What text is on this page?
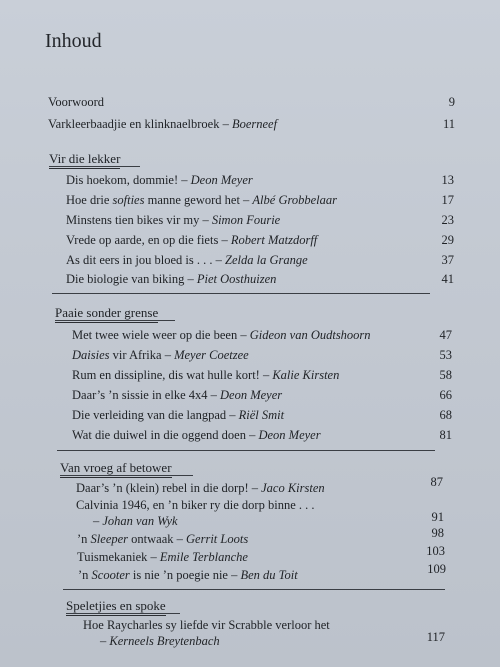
Inhoud
Voorwoord	9
Varkleerbaadjie en klinknaelbroek – Boerneef	11
Vir die lekker
Dis hoekom, dommie! – Deon Meyer	13
Hoe drie softies manne geword het – Albé Grobbelaar	17
Minstens tien bikes vir my – Simon Fourie	23
Vrede op aarde, en op die fiets – Robert Matzdorff	29
As dit eers in jou bloed is . . . – Zelda la Grange	37
Die biologie van biking – Piet Oosthuizen	41
Paaie sonder grense
Met twee wiele weer op die been – Gideon van Oudtshoorn	47
Daisies vir Afrika – Meyer Coetzee	53
Rum en dissipline, dis wat hulle kort! – Kalie Kirsten	58
Daar’s ’n sissie in elke 4x4 – Deon Meyer	66
Die verleiding van die langpad – Riël Smit	68
Wat die duiwel in die oggend doen – Deon Meyer	81
Van vroeg af betower
Daar’s ’n (klein) rebel in die dorp! – Jaco Kirsten	87
Calvinia 1946, en ’n biker ry die dorp binne . . .
– Johan van Wyk	91
’n Sleeper ontwaak – Gerrit Loots	98
Tuismekaniek – Emile Terblanche	103
’n Scooter is nie ’n poegie nie – Ben du Toit	109
Speletjies en spoke
Hoe Raycharles sy liefde vir Scrabble verloor het
– Kerneels Breytenbach	117
